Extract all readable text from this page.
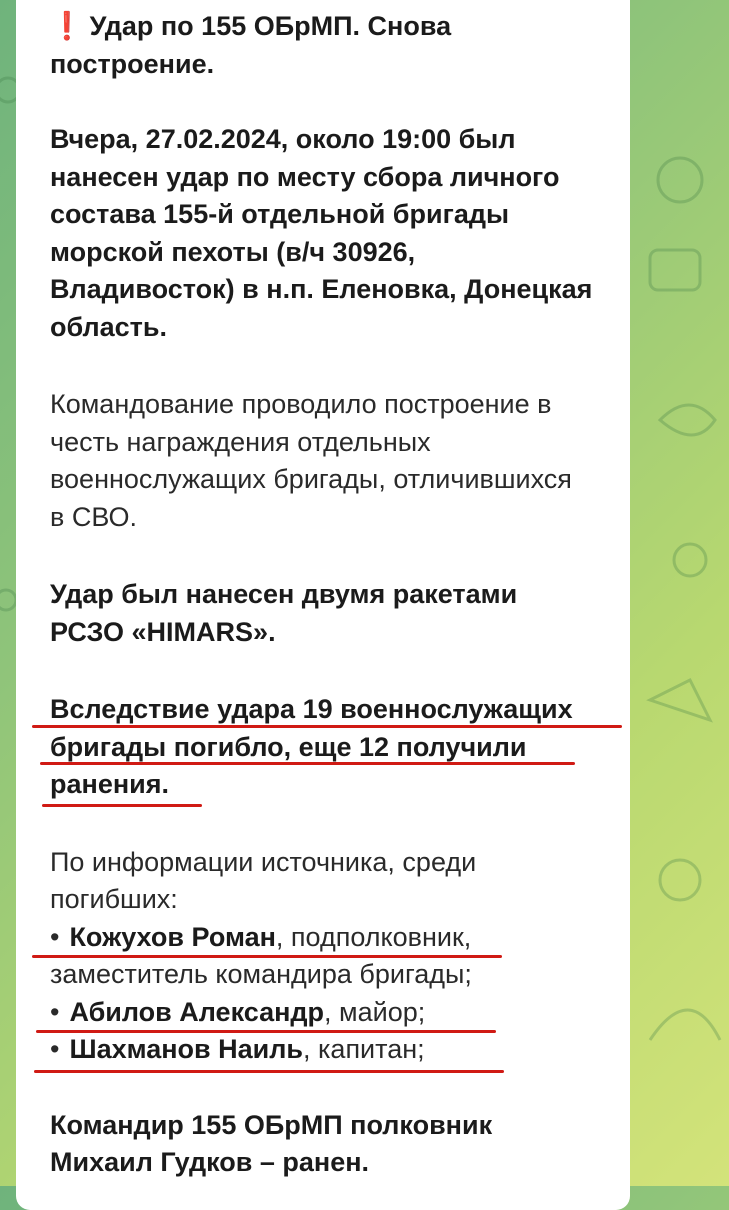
❗ Удар по 155 ОБрМП. Снова
построение.

Вчера, 27.02.2024, около 19:00 был
нанесен удар по месту сбора личного
состава 155-й отдельной бригады
морской пехоты (в/ч 30926,
Владивосток) в н.п. Еленовка, Донецкая
область.

Командование проводило построение в
честь награждения отдельных
военнослужащих бригады, отличившихся
в СВО.

Удар был нанесен двумя ракетами
РСЗО «HIMARS».

Вследствие удара 19 военнослужащих
бригады погибло, еще 12 получили
ранения.

По информации источника, среди
погибших:
• Кожухов Роман, подполковник,
заместитель командира бригады;
• Абилов Александр, майор;
• Шахманов Наиль, капитан;

Командир 155 ОБрМП полковник
Михаил Гудков – ранен.
